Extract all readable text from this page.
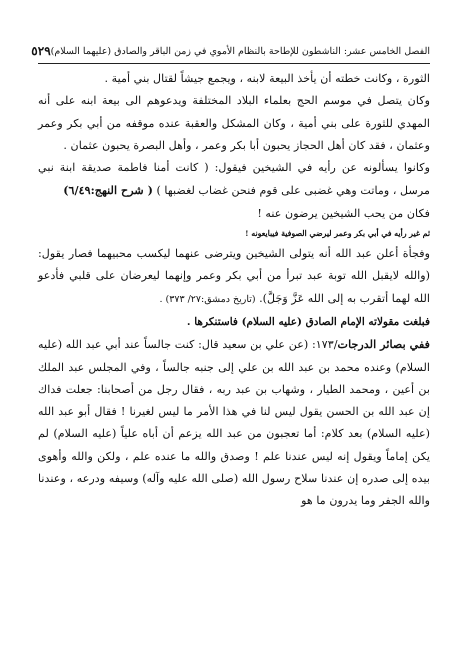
الفصل الخامس عشر: الناشطون للإطاحة بالنظام الأموي في زمن الباقر والصادق (عليهما السلام)
٥٢٩

الثورة ، وكانت خطته أن يأخذ البيعة لابنه ، ويجمع جيشاً لقتال بني أمية .

وكان يتصل في موسم الحج بعلماء البلاد المختلفة ويدعوهم الى بيعة ابنه على أنه المهدي للثورة على بني أمية ، وكان المشكل والعقبة عنده موقفه من أبي بكر وعمر وعثمان ، فقد كان أهل الحجاز يحبون أبا بكر وعمر ، وأهل البصرة يحبون عثمان .

وكانوا يسألونه عن رأيه في الشيخين فيقول: ( كانت أمنا فاطمة صديقة ابنة نبي مرسل ، وماتت وهي غضبى على قوم فنحن غضاب لغضبها ) ( شرح النهج:٦/٤٩)

فكان من يحب الشيخين يرضون عنه !

ثم غير رأيه في أبي بكر وعمر ليرضي الصوفية فيبايعونه !

وفجأة أعلن عبد الله أنه يتولى الشيخين ويترضى عنهما ليكسب محبيهما فصار يقول: (والله لايقبل الله توبة عبد تبرأ من أبي بكر وعمر وإنهما ليعرضان على قلبي فأدعو الله لهما أتقرب به إلى الله عَزَّ وَجَلَّ). (تاريخ دمشق:٢٧/ ٣٧٣) .

فبلغت مقولاته الإمام الصادق (عليه السلام) فاستنكرها .

ففي بصائر الدرجات/١٧٣: (عن علي بن سعيد قال: كنت جالساً عند أبي عبد الله (عليه السلام) وعنده محمد بن عبد الله بن علي إلى جنبه جالساً ، وفي المجلس عبد الملك بن أعين ، ومحمد الطيار ، وشهاب بن عبد ربه ، فقال رجل من أصحابنا: جعلت فداك إن عبد الله بن الحسن يقول ليس لنا في هذا الأمر ما ليس لغيرنا ! فقال أبو عبد الله (عليه السلام) بعد كلام: أما تعجبون من عبد الله يزعم أن أباه علياً (عليه السلام) لم يكن إماماً ويقول إنه ليس عندنا علم ! وصدق والله ما عنده علم ، ولكن والله وأهوى بيده إلى صدره إن عندنا سلاح رسول الله (صلى الله عليه وآله) وسيفه ودرعه ، وعندنا والله الجفر وما يدرون ما هو
